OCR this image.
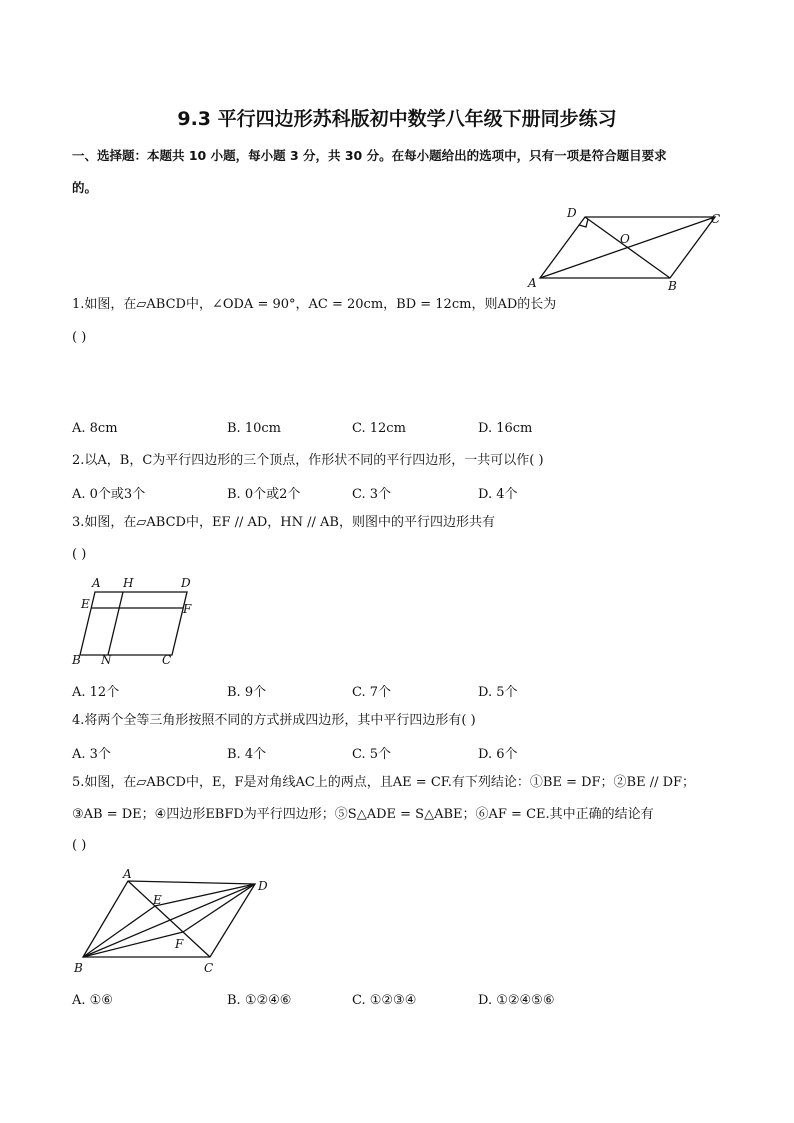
9.3 平行四边形苏科版初中数学八年级下册同步练习
一、选择题：本题共 10 小题，每小题 3 分，共 30 分。在每小题给出的选项中，只有一项是符合题目要求
的。
D	C
O
A	B
1.如图，在▱ABCD中，∠ODA = 90°，AC = 20cm，BD = 12cm，则AD的长为
( )
A. 8cm	B. 10cm	C. 12cm	D. 16cm
2.以A，B，C为平行四边形的三个顶点，作形状不同的平行四边形，一共可以作( )
A. 0个或3个	B. 0个或2个	C. 3个	D. 4个
3.如图，在▱ABCD中，EF // AD，HN // AB，则图中的平行四边形共有
( )
A H	D
E	F
B N	C
A. 12个	B. 9个	C. 7个	D. 5个
4.将两个全等三角形按照不同的方式拼成四边形，其中平行四边形有( )
A. 3个	B. 4个	C. 5个	D. 6个
5.如图，在▱ABCD中，E，F是对角线AC上的两点，且AE = CF.有下列结论：①BE = DF；②BE // DF；
③AB = DE；④四边形EBFD为平行四边形；⑤S△ADE = S△ABE；⑥AF = CE.其中正确的结论有
( )
A
D
E
F
B	C
A. ①⑥	B. ①②④⑥	C. ①②③④	D. ①②④⑤⑥
